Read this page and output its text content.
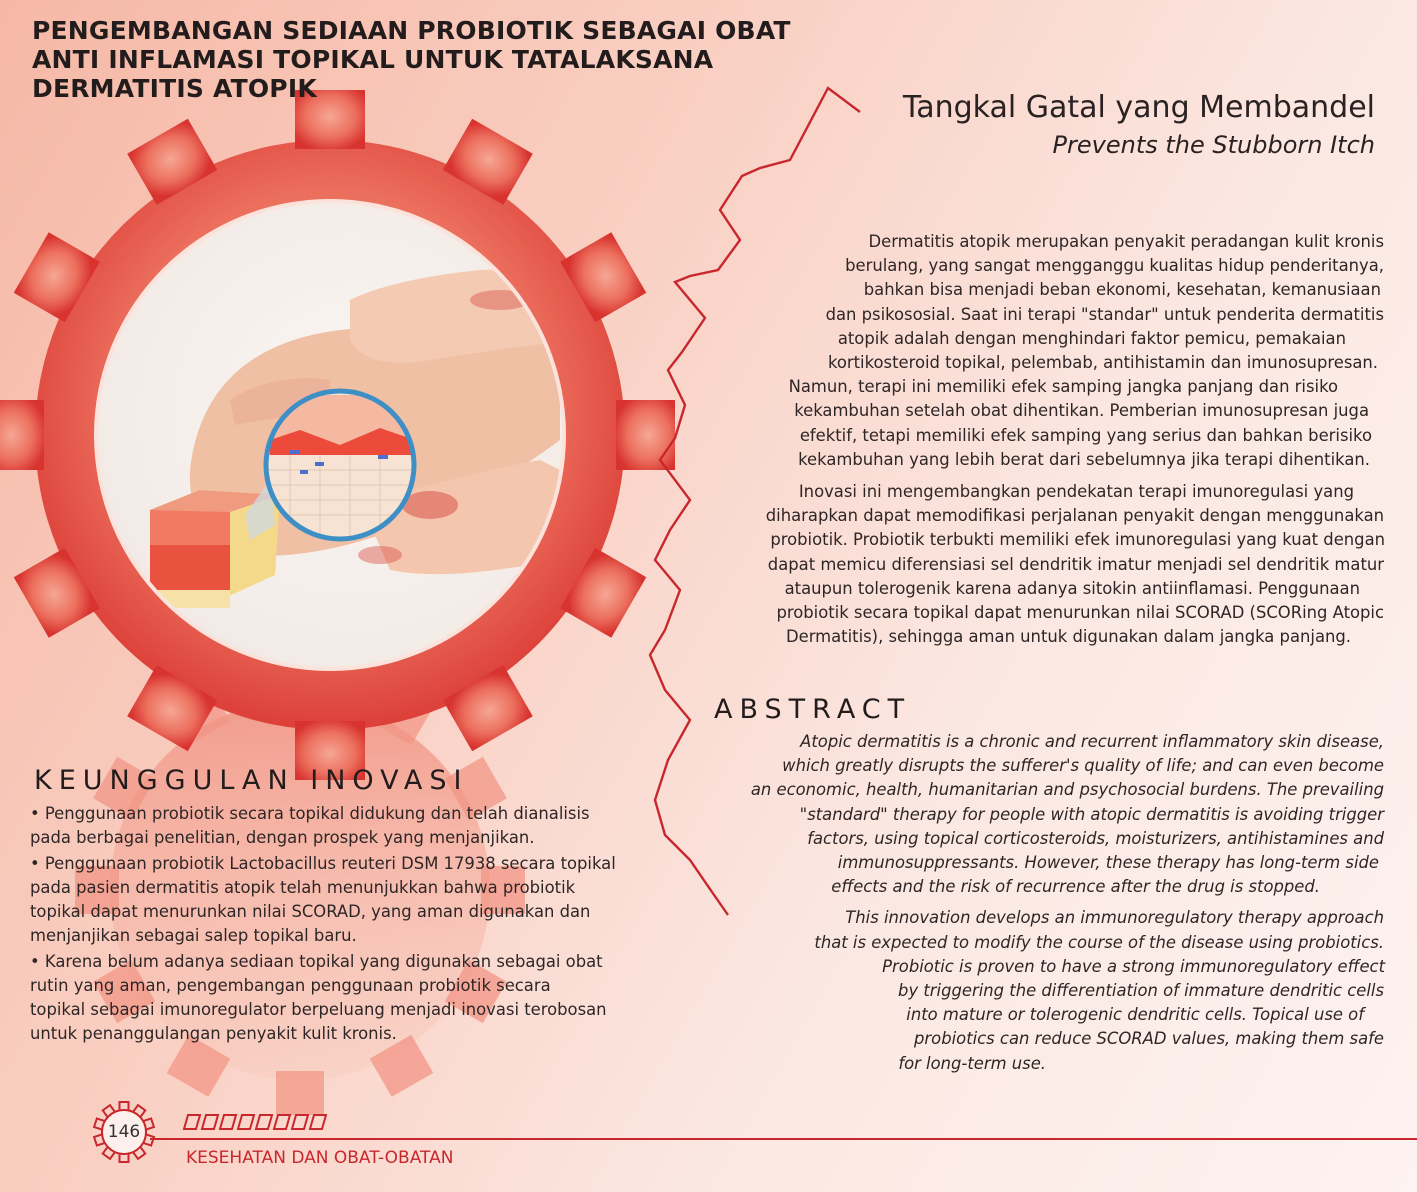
PENGEMBANGAN SEDIAAN PROBIOTIK SEBAGAI OBAT
ANTI INFLAMASI TOPIKAL UNTUK TATALAKSANA
DERMATITIS ATOPIK
Tangkal Gatal yang Membandel
Prevents the Stubborn Itch

Dermatitis atopik merupakan penyakit peradangan kulit kronis

berulang, yang sangat mengganggu kualitas hidup penderitanya,

bahkan bisa menjadi beban ekonomi, kesehatan, kemanusiaan

dan psikososial. Saat ini terapi "standar" untuk penderita dermatitis

atopik adalah dengan menghindari faktor pemicu, pemakaian

kortikosteroid topikal, pelembab, antihistamin dan imunosupresan.

Namun, terapi ini memiliki efek samping jangka panjang dan risiko

kekambuhan setelah obat dihentikan. Pemberian imunosupresan juga

efektif, tetapi memiliki efek samping yang serius dan bahkan berisiko

kekambuhan yang lebih berat dari sebelumnya jika terapi dihentikan.

Inovasi ini mengembangkan pendekatan terapi imunoregulasi yang

diharapkan dapat memodifikasi perjalanan penyakit dengan menggunakan

probiotik. Probiotik terbukti memiliki efek imunoregulasi yang kuat dengan

dapat memicu diferensiasi sel dendritik imatur menjadi sel dendritik matur

ataupun tolerogenik karena adanya sitokin antiinflamasi. Penggunaan

probiotik secara topikal dapat menurunkan nilai SCORAD (SCORing Atopic

Dermatitis), sehingga aman untuk digunakan dalam jangka panjang.

ABSTRACT

Atopic dermatitis is a chronic and recurrent inflammatory skin disease,

which greatly disrupts the sufferer's quality of life; and can even become

an economic, health, humanitarian and psychosocial burdens. The prevailing

"standard" therapy for people with atopic dermatitis is avoiding trigger

factors, using topical corticosteroids, moisturizers, antihistamines and

immunosuppressants. However, these therapy has long-term side

effects and the risk of recurrence after the drug is stopped.

This innovation develops an immunoregulatory therapy approach

that is expected to modify the course of the disease using probiotics.

Probiotic is proven to have a strong immunoregulatory effect

by triggering the differentiation of immature dendritic cells

into mature or tolerogenic dendritic cells. Topical use of

probiotics can reduce SCORAD values, making them safe

for long-term use.

KEUNGGULAN INOVASI

• Penggunaan probiotik secara topikal didukung dan telah dianalisis

pada berbagai penelitian, dengan prospek yang menjanjikan.

• Penggunaan probiotik Lactobacillus reuteri DSM 17938 secara topikal

pada pasien dermatitis atopik telah menunjukkan bahwa probiotik

topikal dapat menurunkan nilai SCORAD, yang aman digunakan dan

menjanjikan sebagai salep topikal baru.

• Karena belum adanya sediaan topikal yang digunakan sebagai obat

rutin yang aman, pengembangan penggunaan probiotik secara

topikal sebagai imunoregulator berpeluang menjadi inovasi terobosan

untuk penanggulangan penyakit kulit kronis.

146
KESEHATAN DAN OBAT-OBATAN
